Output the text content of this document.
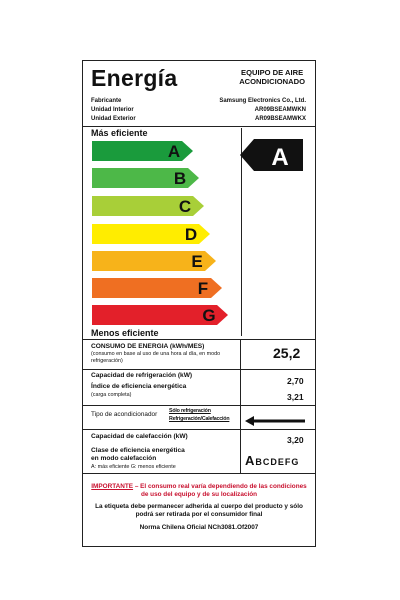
Energía	EQUIPO DE AIRE
ACONDICIONADO
Fabricante	Samsung Electronics Co., Ltd.
Unidad Interior	AR09BSEAMWKN
Unidad Exterior	AR09BSEAMWKX
Más eficiente
A
B
C
D
E
F
G
A
Menos eficiente
CONSUMO DE ENERGIA (kWh/MES)
(consumo en base al uso de una hora al día, en modo refrigeración)	25,2
Capacidad de refrigeración (kW)
2,70
Índice de eficiencia energética
(carga completa)	3,21
Tipo de acondicionador Sólo refrigeración
Refrigeración/Calefacción
Capacidad de calefacción (kW)	3,20
Clase de eficiencia energética
en modo calefacción
A: más eficiente G: menos eficiente	ABCDEFG
IMPORTANTE – El consumo real varía dependiendo de las condiciones de uso del equipo y de su localización
La etiqueta debe permanecer adherida al cuerpo del producto y sólo podrá ser retirada por el consumidor final
Norma Chilena Oficial NCh3081.Of2007
